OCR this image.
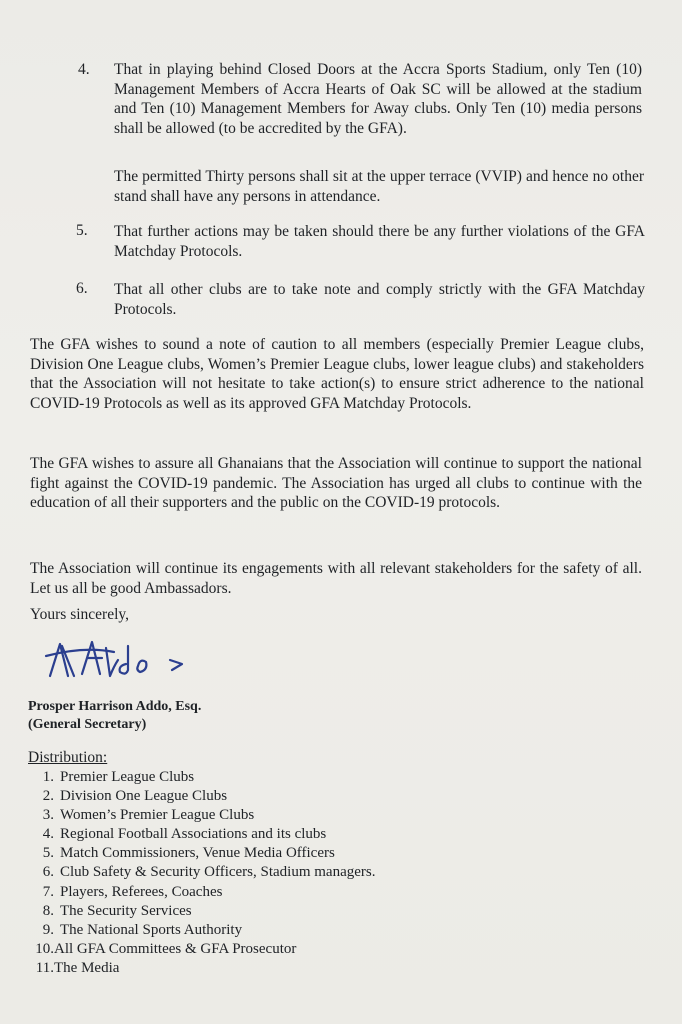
4. That in playing behind Closed Doors at the Accra Sports Stadium, only Ten (10) Management Members of Accra Hearts of Oak SC will be allowed at the stadium and Ten (10) Management Members for Away clubs. Only Ten (10) media persons shall be allowed (to be accredited by the GFA).
The permitted Thirty persons shall sit at the upper terrace (VVIP) and hence no other stand shall have any persons in attendance.
5. That further actions may be taken should there be any further violations of the GFA Matchday Protocols.
6. That all other clubs are to take note and comply strictly with the GFA Matchday Protocols.
The GFA wishes to sound a note of caution to all members (especially Premier League clubs, Division One League clubs, Women’s Premier League clubs, lower league clubs) and stakeholders that the Association will not hesitate to take action(s) to ensure strict adherence to the national COVID-19 Protocols as well as its approved GFA Matchday Protocols.
The GFA wishes to assure all Ghanaians that the Association will continue to support the national fight against the COVID-19 pandemic. The Association has urged all clubs to continue with the education of all their supporters and the public on the COVID-19 protocols.
The Association will continue its engagements with all relevant stakeholders for the safety of all. Let us all be good Ambassadors.
Yours sincerely,
Prosper Harrison Addo, Esq.
(General Secretary)
Distribution:
1. Premier League Clubs
2. Division One League Clubs
3. Women’s Premier League Clubs
4. Regional Football Associations and its clubs
5. Match Commissioners, Venue Media Officers
6. Club Safety & Security Officers, Stadium managers.
7. Players, Referees, Coaches
8. The Security Services
9. The National Sports Authority
10.All GFA Committees & GFA Prosecutor
11.The Media
